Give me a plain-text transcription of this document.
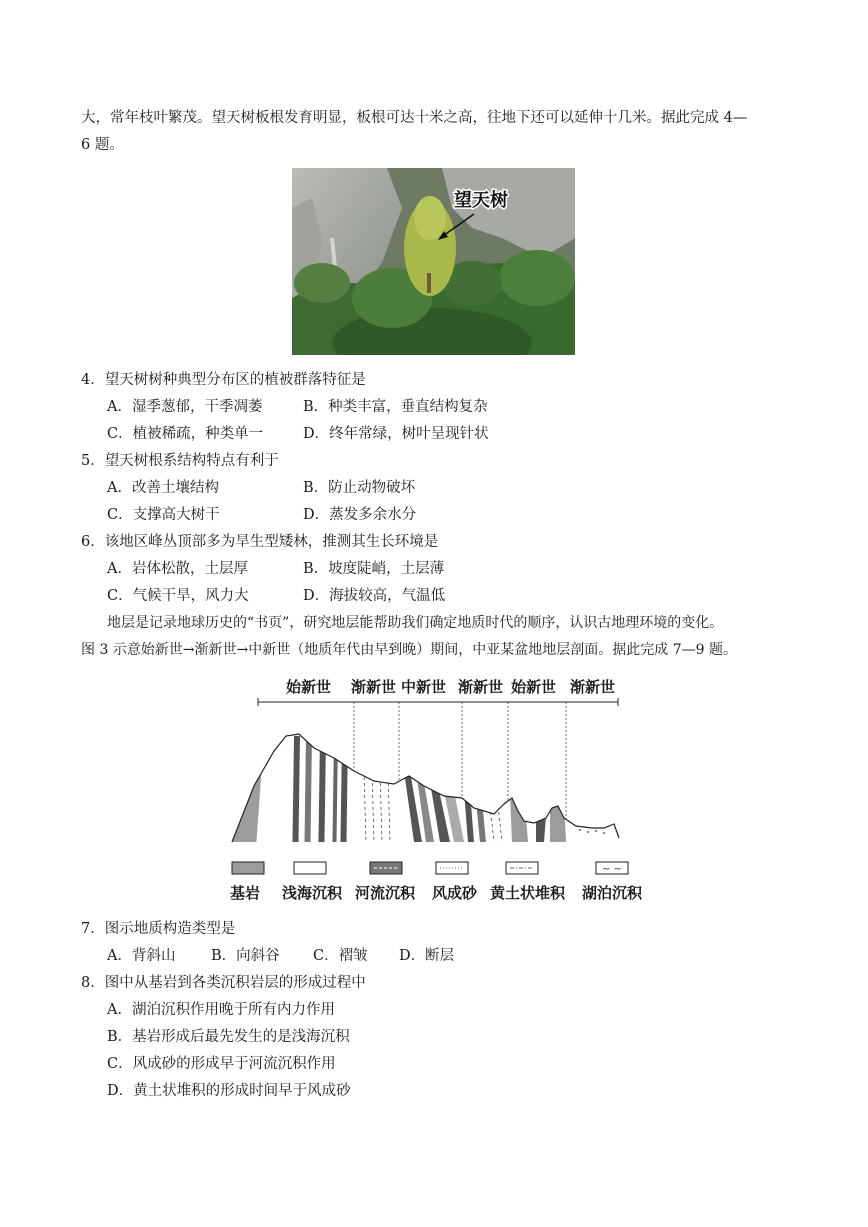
大，常年枝叶繁茂。望天树板根发育明显，板根可达十米之高，往地下还可以延伸十几米。据此完成 4—
6 题。
望天树
4．望天树树种典型分布区的植被群落特征是
A．湿季葱郁，干季凋萎	B．种类丰富，垂直结构复杂
C．植被稀疏，种类单一	D．终年常绿，树叶呈现针状
5．望天树根系结构特点有利于
A．改善土壤结构	B．防止动物破坏
C．支撑高大树干	D．蒸发多余水分
6．该地区峰丛顶部多为旱生型矮林，推测其生长环境是
A．岩体松散，土层厚	B．坡度陡峭，土层薄
C．气候干旱，风力大	D．海拔较高，气温低
地层是记录地球历史的“书页”，研究地层能帮助我们确定地质时代的顺序，认识古地理环境的变化。
图 3 示意始新世→渐新世→中新世（地质年代由早到晚）期间，中亚某盆地地层剖面。据此完成 7—9 题。
始新世 渐新世 中新世 渐新世 始新世 渐新世
~ ~
基岩 浅海沉积 河流沉积 风成砂 黄土状堆积 湖泊沉积
7．图示地质构造类型是
A．背斜山 B．向斜谷 C．褶皱 D．断层
8．图中从基岩到各类沉积岩层的形成过程中
A．湖泊沉积作用晚于所有内力作用
B．基岩形成后最先发生的是浅海沉积
C．风成砂的形成早于河流沉积作用
D．黄土状堆积的形成时间早于风成砂
